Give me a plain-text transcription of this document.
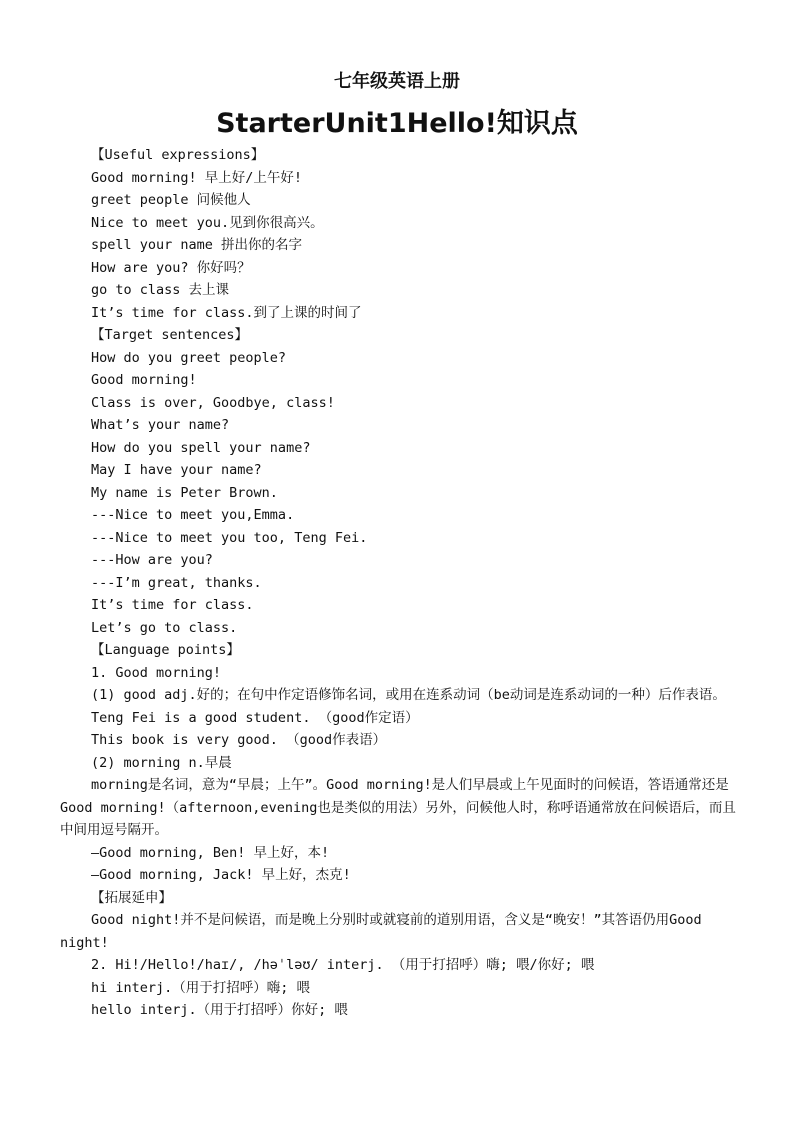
七年级英语上册
StarterUnit1Hello!知识点
【Useful expressions】
Good morning! 早上好/上午好!
greet people 问候他人
Nice to meet you.见到你很高兴。
spell your name 拼出你的名字
How are you? 你好吗？
go to class 去上课
It’s time for class.到了上课的时间了
【Target sentences】
How do you greet people?
Good morning!
Class is over, Goodbye, class!
What’s your name?
How do you spell your name?
May I have your name?
My name is Peter Brown.
---Nice to meet you,Emma.
---Nice to meet you too, Teng Fei.
---How are you?
---I’m great, thanks.
It’s time for class.
Let’s go to class.
【Language points】
1. Good morning!
(1) good adj.好的；在句中作定语修饰名词，或用在连系动词（be动词是连系动词的一种）后作表语。
Teng Fei is a good student. （good作定语）
This book is very good. （good作表语）
(2) morning n.早晨
morning是名词，意为“早晨；上午”。Good morning!是人们早晨或上午见面时的问候语，答语通常还是Good morning!（afternoon,evening也是类似的用法）另外，问候他人时，称呼语通常放在问候语后，而且中间用逗号隔开。
—Good morning, Ben! 早上好，本!
—Good morning, Jack! 早上好，杰克!
【拓展延申】
Good night!并不是问候语，而是晚上分别时或就寝前的道别用语，含义是“晚安！”其答语仍用Good night!
2. Hi!/Hello!/haɪ/, /həˈləʊ/ interj. （用于打招呼）嗨; 喂/你好; 喂
hi interj.（用于打招呼）嗨; 喂
hello interj.（用于打招呼）你好; 喂
